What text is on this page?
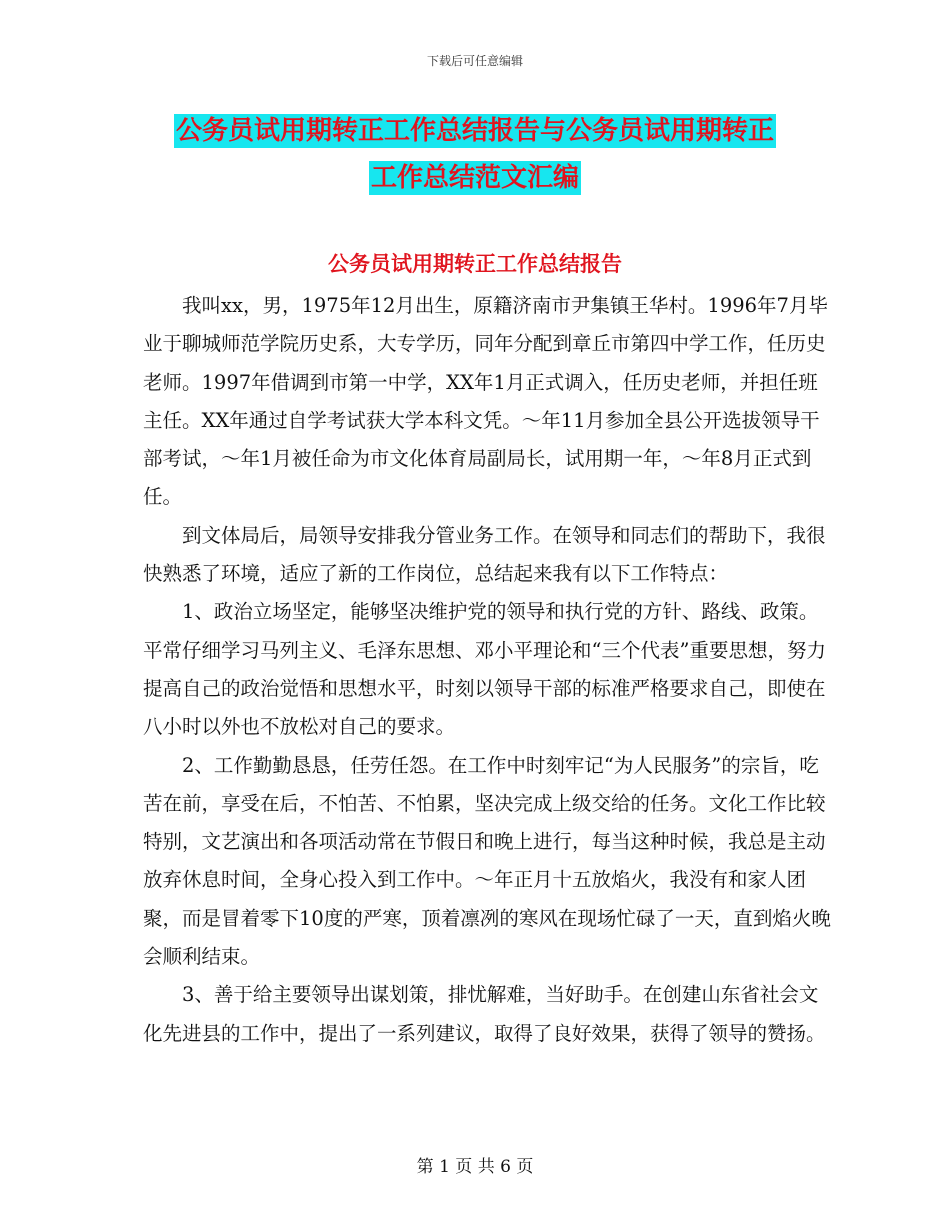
下载后可任意编辑
公务员试用期转正工作总结报告与公务员试用期转正
工作总结范文汇编
公务员试用期转正工作总结报告

我叫xx，男，1975年12月出生，原籍济南市尹集镇王华村。1996年7月毕业于聊城师范学院历史系，大专学历，同年分配到章丘市第四中学工作，任历史老师。1997年借调到市第一中学，XX年1月正式调入，任历史老师，并担任班主任。XX年通过自学考试获大学本科文凭。～年11月参加全县公开选拔领导干部考试，～年1月被任命为市文化体育局副局长，试用期一年，～年8月正式到任。

到文体局后，局领导安排我分管业务工作。在领导和同志们的帮助下，我很快熟悉了环境，适应了新的工作岗位，总结起来我有以下工作特点：

1、政治立场坚定，能够坚决维护党的领导和执行党的方针、路线、政策。平常仔细学习马列主义、毛泽东思想、邓小平理论和“三个代表”重要思想，努力提高自己的政治觉悟和思想水平，时刻以领导干部的标准严格要求自己，即使在八小时以外也不放松对自己的要求。

2、工作勤勤恳恳，任劳任怨。在工作中时刻牢记“为人民服务”的宗旨，吃苦在前，享受在后，不怕苦、不怕累，坚决完成上级交给的任务。文化工作比较特别，文艺演出和各项活动常在节假日和晚上进行，每当这种时候，我总是主动放弃休息时间，全身心投入到工作中。～年正月十五放焰火，我没有和家人团聚，而是冒着零下10度的严寒，顶着凛冽的寒风在现场忙碌了一天，直到焰火晚会顺利结束。

3、善于给主要领导出谋划策，排忧解难，当好助手。在创建山东省社会文化先进县的工作中，提出了一系列建议，取得了良好效果，获得了领导的赞扬。

第 1 页 共 6 页
